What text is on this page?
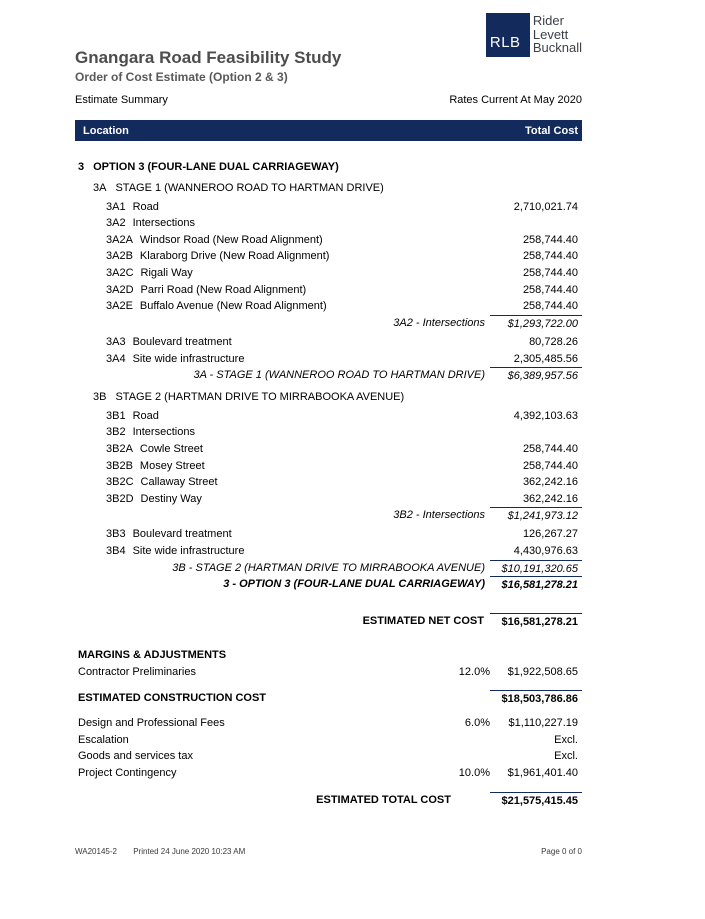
RLB
Rider
Levett
Bucknall
Gnangara Road Feasibility Study
Order of Cost Estimate (Option 2 & 3)
Estimate Summary	Rates Current At May 2020
Location	Total Cost
3 OPTION 3 (FOUR-LANE DUAL CARRIAGEWAY)
3A STAGE 1 (WANNEROO ROAD TO HARTMAN DRIVE)
3A1 Road	2,710,021.74
3A2 Intersections
3A2A Windsor Road (New Road Alignment)	258,744.40
3A2B Klaraborg Drive (New Road Alignment)	258,744.40
3A2C Rigali Way	258,744.40
3A2D Parri Road (New Road Alignment)	258,744.40
3A2E Buffalo Avenue (New Road Alignment)	258,744.40
3A2 - Intersections	$1,293,722.00
3A3 Boulevard treatment	80,728.26
3A4 Site wide infrastructure	2,305,485.56
3A - STAGE 1 (WANNEROO ROAD TO HARTMAN DRIVE)	$6,389,957.56
3B STAGE 2 (HARTMAN DRIVE TO MIRRABOOKA AVENUE)
3B1 Road	4,392,103.63
3B2 Intersections
3B2A Cowle Street	258,744.40
3B2B Mosey Street	258,744.40
3B2C Callaway Street	362,242.16
3B2D Destiny Way	362,242.16
3B2 - Intersections	$1,241,973.12
3B3 Boulevard treatment	126,267.27
3B4 Site wide infrastructure	4,430,976.63
3B - STAGE 2 (HARTMAN DRIVE TO MIRRABOOKA AVENUE)	$10,191,320.65
3 - OPTION 3 (FOUR-LANE DUAL CARRIAGEWAY)	$16,581,278.21
ESTIMATED NET COST	$16,581,278.21
MARGINS & ADJUSTMENTS
Contractor Preliminaries	12.0%	$1,922,508.65
ESTIMATED CONSTRUCTION COST	$18,503,786.86
Design and Professional Fees	6.0%	$1,110,227.19
Escalation	Excl.
Goods and services tax	Excl.
Project Contingency	10.0%	$1,961,401.40
ESTIMATED TOTAL COST	$21,575,415.45
WA20145-2 Printed 24 June 2020 10:23 AM	Page 0 of 0
